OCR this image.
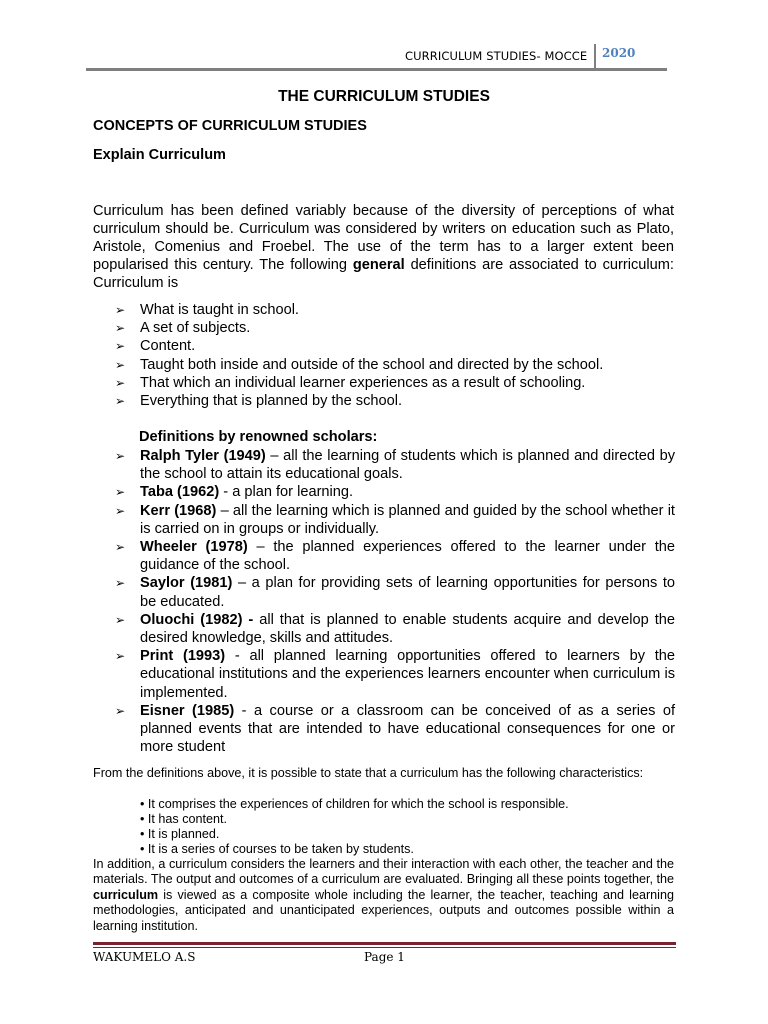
CURRICULUM STUDIES- MOCCE 2020
THE CURRICULUM STUDIES
CONCEPTS OF CURRICULUM STUDIES
Explain Curriculum

Curriculum has been defined variably because of the diversity of perceptions of what curriculum should be. Curriculum was considered by writers on education such as Plato, Aristole, Comenius and Froebel. The use of the term has to a larger extent been popularised this century. The following general definitions are associated to curriculum: Curriculum is

➢ What is taught in school.
➢ A set of subjects.
➢ Content.
➢ Taught both inside and outside of the school and directed by the school.
➢ That which an individual learner experiences as a result of schooling.
➢ Everything that is planned by the school.
Definitions by renowned scholars:
➢ Ralph Tyler (1949) – all the learning of students which is planned and directed by the school to attain its educational goals.
➢ Taba (1962) - a plan for learning.
➢ Kerr (1968) – all the learning which is planned and guided by the school whether it is carried on in groups or individually.
➢ Wheeler (1978) – the planned experiences offered to the learner under the guidance of the school.
➢ Saylor (1981) – a plan for providing sets of learning opportunities for persons to be educated.
➢ Oluochi (1982) - all that is planned to enable students acquire and develop the desired knowledge, skills and attitudes.
➢ Print (1993) - all planned learning opportunities offered to learners by the educational institutions and the experiences learners encounter when curriculum is implemented.
➢ Eisner (1985) - a course or a classroom can be conceived of as a series of planned events that are intended to have educational consequences for one or more student

From the definitions above, it is possible to state that a curriculum has the following characteristics:

• It comprises the experiences of children for which the school is responsible.
• It has content.
• It is planned.
• It is a series of courses to be taken by students.

In addition, a curriculum considers the learners and their interaction with each other, the teacher and the materials. The output and outcomes of a curriculum are evaluated. Bringing all these points together, the curriculum is viewed as a composite whole including the learner, the teacher, teaching and learning methodologies, anticipated and unanticipated experiences, outputs and outcomes possible within a learning institution.

WAKUMELO A.S	Page 1
